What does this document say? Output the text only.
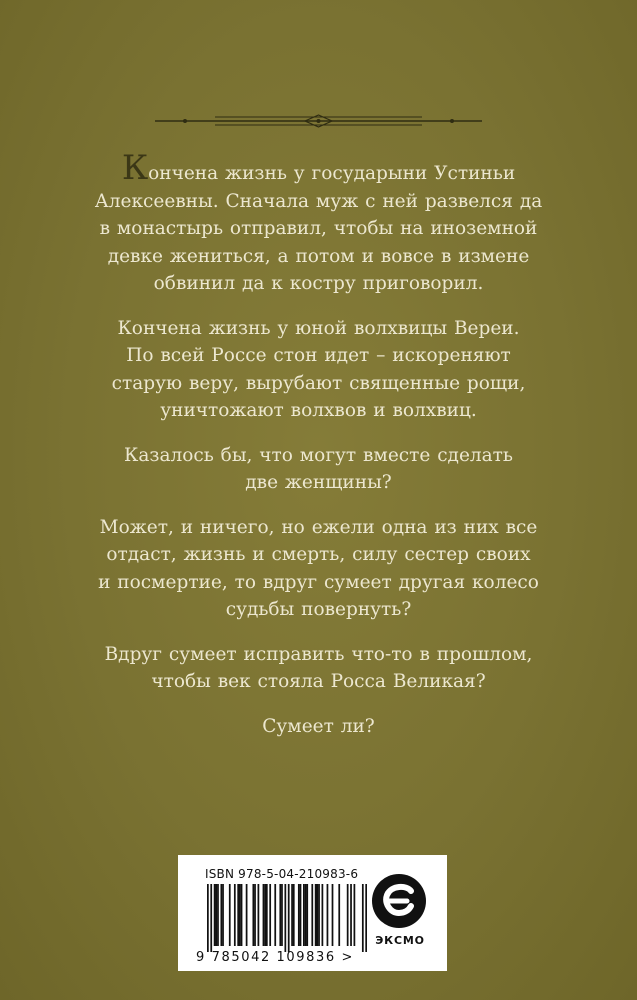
Кончена жизнь у государыни Устиньи
Алексеевны. Сначала муж с ней развелся да
в монастырь отправил, чтобы на иноземной
девке жениться, а потом и вовсе в измене
обвинил да к костру приговорил.

Кончена жизнь у юной волхвицы Вереи.
По всей Россе стон идет – искореняют
старую веру, вырубают священные рощи,
уничтожают волхвов и волхвиц.

Казалось бы, что могут вместе сделать
две женщины?

Может, и ничего, но ежели одна из них все
отдаст, жизнь и смерть, силу сестер своих
и посмертие, то вдруг сумеет другая колесо
судьбы повернуть?

Вдруг сумеет исправить что-то в прошлом,
чтобы век стояла Росса Великая?

Сумеет ли?

ISBN 978-5-04-210983-6
9 785042 109836 >
ЭКСМО
